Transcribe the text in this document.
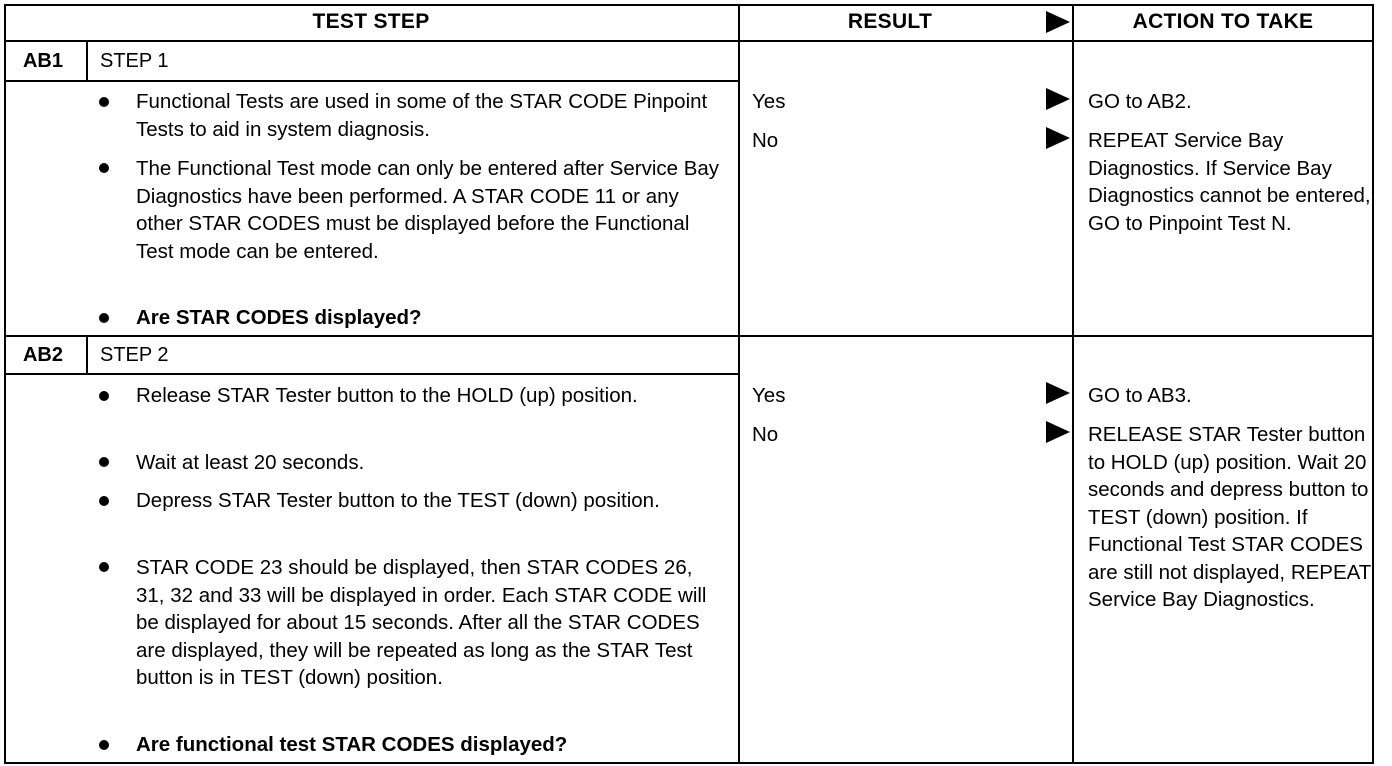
TEST STEP	RESULT	ACTION TO TAKE
AB1	STEP 1
Functional Tests are used in some of the STAR CODE Pinpoint Tests to aid in system diagnosis.
The Functional Test mode can only be entered after Service Bay Diagnostics have been performed. A STAR CODE 11 or any other STAR CODES must be displayed before the Functional Test mode can be entered.
Are STAR CODES displayed?
Yes	GO to AB2.
No	REPEAT Service Bay Diagnostics. If Service Bay Diagnostics cannot be entered, GO to Pinpoint Test N.
AB2	STEP 2
Release STAR Tester button to the HOLD (up) position.
Wait at least 20 seconds.
Depress STAR Tester button to the TEST (down) position.
STAR CODE 23 should be displayed, then STAR CODES 26, 31, 32 and 33 will be displayed in order. Each STAR CODE will be displayed for about 15 seconds. After all the STAR CODES are displayed, they will be repeated as long as the STAR Test button is in TEST (down) position.
Are functional test STAR CODES displayed?
Yes	GO to AB3.
No	RELEASE STAR Tester button to HOLD (up) position. Wait 20 seconds and depress button to TEST (down) position. If Functional Test STAR CODES are still not displayed, REPEAT Service Bay Diagnostics.
